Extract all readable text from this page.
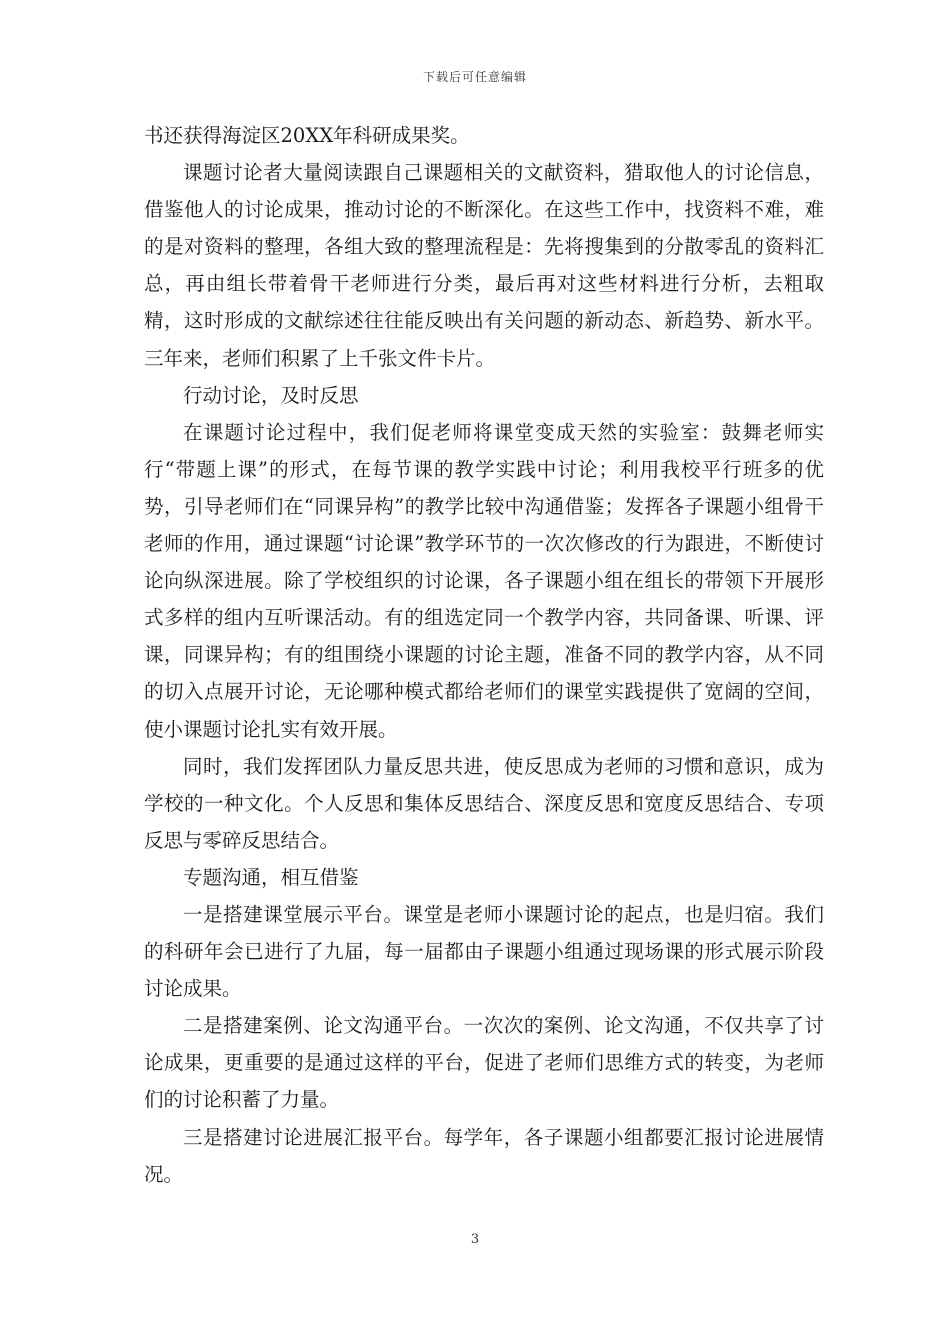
下载后可任意编辑

书还获得海淀区20XX年科研成果奖。

课题讨论者大量阅读跟自己课题相关的文献资料，猎取他人的讨论信息，借鉴他人的讨论成果，推动讨论的不断深化。在这些工作中，找资料不难，难的是对资料的整理，各组大致的整理流程是：先将搜集到的分散零乱的资料汇总，再由组长带着骨干老师进行分类，最后再对这些材料进行分析，去粗取精，这时形成的文献综述往往能反映出有关问题的新动态、新趋势、新水平。三年来，老师们积累了上千张文件卡片。

行动讨论，及时反思

在课题讨论过程中，我们促老师将课堂变成天然的实验室：鼓舞老师实行“带题上课”的形式，在每节课的教学实践中讨论；利用我校平行班多的优势，引导老师们在“同课异构”的教学比较中沟通借鉴；发挥各子课题小组骨干老师的作用，通过课题“讨论课”教学环节的一次次修改的行为跟进，不断使讨论向纵深进展。除了学校组织的讨论课，各子课题小组在组长的带领下开展形式多样的组内互听课活动。有的组选定同一个教学内容，共同备课、听课、评课，同课异构；有的组围绕小课题的讨论主题，准备不同的教学内容，从不同的切入点展开讨论，无论哪种模式都给老师们的课堂实践提供了宽阔的空间，使小课题讨论扎实有效开展。

同时，我们发挥团队力量反思共进，使反思成为老师的习惯和意识，成为学校的一种文化。个人反思和集体反思结合、深度反思和宽度反思结合、专项反思与零碎反思结合。

专题沟通，相互借鉴

一是搭建课堂展示平台。课堂是老师小课题讨论的起点，也是归宿。我们的科研年会已进行了九届，每一届都由子课题小组通过现场课的形式展示阶段讨论成果。

二是搭建案例、论文沟通平台。一次次的案例、论文沟通，不仅共享了讨论成果，更重要的是通过这样的平台，促进了老师们思维方式的转变，为老师们的讨论积蓄了力量。

三是搭建讨论进展汇报平台。每学年，各子课题小组都要汇报讨论进展情况。

3
